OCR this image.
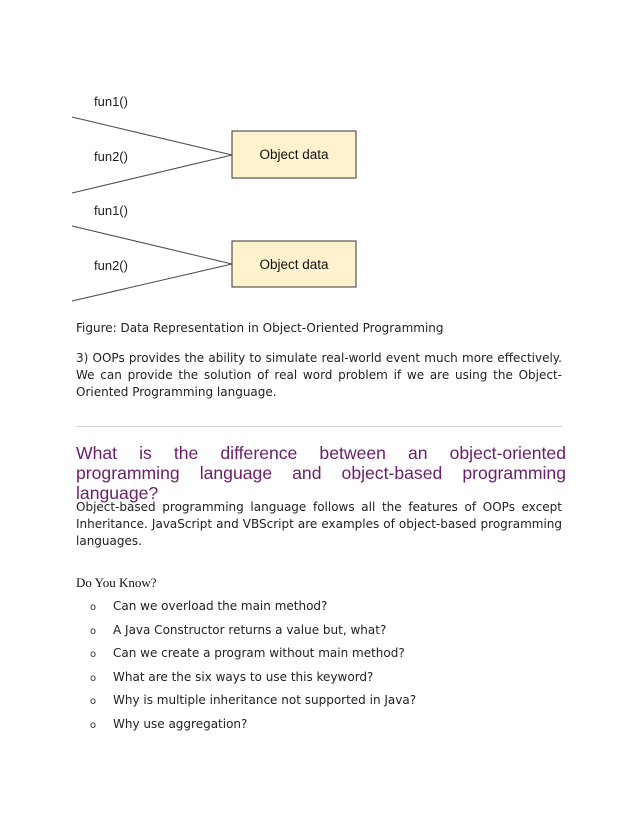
fun1()
fun2()	Object data
fun1()
fun2()	Object data
Figure: Data Representation in Object-Oriented Programming
3) OOPs provides the ability to simulate real-world event much more effectively. We can provide the solution of real word problem if we are using the Object-Oriented Programming language.
What is the difference between an object-oriented programming language and object-based programming language?
Object-based programming language follows all the features of OOPs except Inheritance. JavaScript and VBScript are examples of object-based programming languages.
Do You Know?
o Can we overload the main method?
o A Java Constructor returns a value but, what?
o Can we create a program without main method?
o What are the six ways to use this keyword?
o Why is multiple inheritance not supported in Java?
o Why use aggregation?
